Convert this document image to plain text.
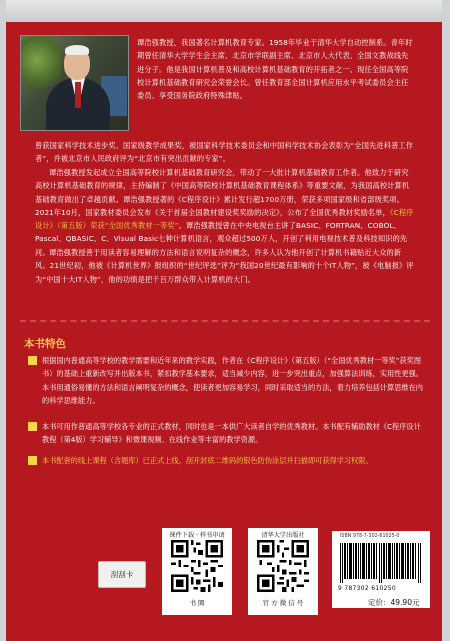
谭浩强教授，我国著名计算机教育专家。1958年毕业于清华大学自动控制系。青年时期曾任清华大学学生会主席、北京市学联副主席、北京市人大代表、全国文教战线先进分子。他是我国计算机普及和高校计算机基础教育的开拓者之一。现任全国高等院校计算机基础教育研究会荣誉会长。曾任教育部全国计算机应用水平考试委员会主任委员、享受国务院政府特殊津贴。
曾获国家科学技术进步奖、国家级教学成果奖，被国家科学技术委员会和中国科学技术协会表彰为“全国先进科普工作者”，并被北京市人民政府评为“北京市有突出贡献的专家”。
谭浩强教授发起成立全国高等院校计算机基础教育研究会，带动了一大批计算机基础教育工作者。他致力于研究高校计算机基础教育的规律，主持编制了《中国高等院校计算机基础教育课程体系》等重要文献，为我国高校计算机基础教育做出了卓越贡献。谭浩强教授著的《C程序设计》累计发行超1700万册，荣获多项国家级和省部级奖项。2021年10月，国家教材委员会发布《关于首届全国教材建设奖奖励的决定》，公布了全国优秀教材奖励名单，《C程序设计》（第五版）荣获“全国优秀教材一等奖”。谭浩强教授曾在中央电视台主讲了BASIC、FORTRAN、COBOL、Pascal、QBASIC、C、Visual Basic七种计算机语言，观众超过500万人，开创了利用电视技术普及科技知识的先河。 谭浩强教授善于用读者容易理解的方法和语言说明复杂的概念，许多人认为他开创了计算机书籍贴近大众的新风。21世纪初，他被《计算机世界》报组织的“世纪评选”评为“我国20世纪最有影响的十个IT人物”，被《电脑报》评为“中国十大IT人物”，他的功绩是把千百万群众带入计算机的大门。
本书特色
根据国内普通高等学校的教学需要和近年来的教学实践，作者在《C程序设计》（第五版）（“全国优秀教材一等奖”获奖图书）的基础上重新改写并出版本书，紧扣教学基本要求，适当减少内容，进一步突出重点，加强算法训练，实用性更强。本书用通俗易懂的方法和语言阐明复杂的概念，使读者更加容易学习，同时采取适当的方法，着力培养包括计算思维在内的科学思维能力。
本书可用作普通高等学校各专业的正式教材，同时也是一本供广大读者自学的优秀教材。本书配有辅助教材《C程序设计教程（第4版）学习辅导》和微课视频、在线作业等丰富的教学资源。
本书配套的线上课程（含题库）已正式上线，刮开封底二维码的银色防伪涂层并扫描即可获得学习权限。
刮刮卡
课件下载 · 样书申请
书 圈
清华大学出版社
官 方 微 信 号
ISBN 978-7-302-61025-0
9 787302 610250
定价：49.90元
